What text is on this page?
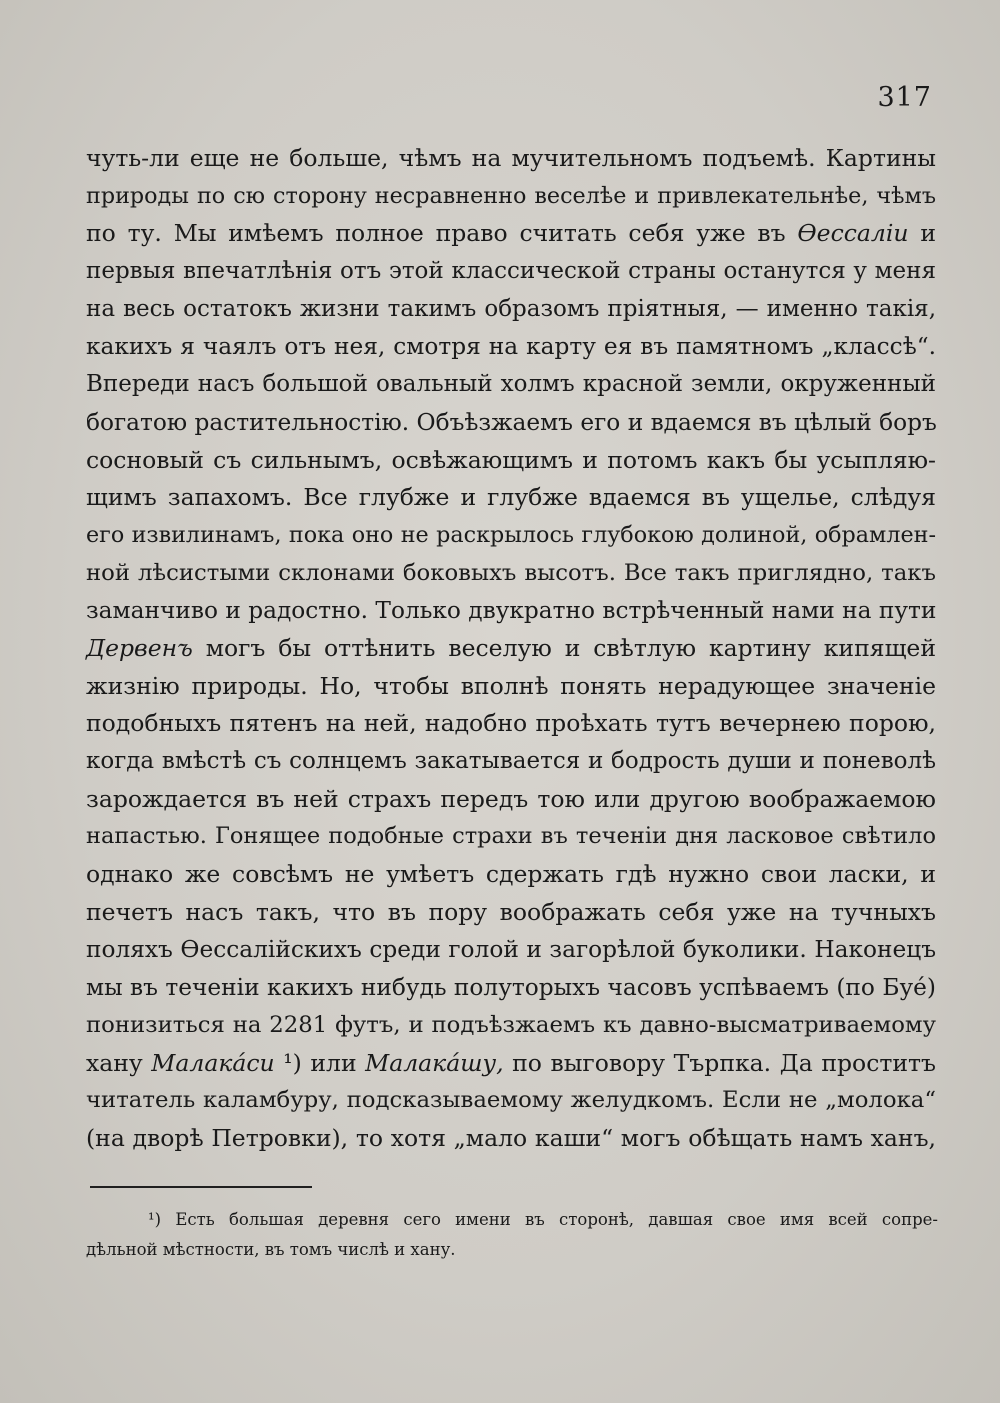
317
чуть-ли еще не больше, чѣмъ на мучительномъ подъемѣ. Картины
природы по сю сторону несравненно веселѣе и привлекательнѣе, чѣмъ
по ту. Мы имѣемъ полное право считать себя уже въ Ѳессаліи и
первыя впечатлѣнія отъ этой классической страны останутся у меня
на весь остатокъ жизни такимъ образомъ пріятныя, — именно такія,
какихъ я чаялъ отъ нея, смотря на карту ея въ памятномъ „классѣ“.
Впереди насъ большой овальный холмъ красной земли, окруженный
богатою растительностію. Объѣзжаемъ его и вдаемся въ цѣлый боръ
сосновый съ сильнымъ, освѣжающимъ и потомъ какъ бы усыпляю-
щимъ запахомъ. Все глубже и глубже вдаемся въ ущелье, слѣдуя
его извилинамъ, пока оно не раскрылось глубокою долиной, обрамлен-
ной лѣсистыми склонами боковыхъ высотъ. Все такъ приглядно, такъ
заманчиво и радостно. Только двукратно встрѣченный нами на пути
Дервенъ могъ бы оттѣнить веселую и свѣтлую картину кипящей
жизнію природы. Но, чтобы вполнѣ понять нерадующее значеніе
подобныхъ пятенъ на ней, надобно проѣхать тутъ вечернею порою,
когда вмѣстѣ съ солнцемъ закатывается и бодрость души и поневолѣ
зарождается въ ней страхъ передъ тою или другою воображаемою
напастью. Гонящее подобные страхи въ теченіи дня ласковое свѣтило
однако же совсѣмъ не умѣетъ сдержать гдѣ нужно свои ласки, и
печетъ насъ такъ, что въ пору воображать себя уже на тучныхъ
поляхъ Ѳессалійскихъ среди голой и загорѣлой буколики. Наконецъ
мы въ теченіи какихъ нибудь полуторыхъ часовъ успѣваемъ (по Буé)
понизиться на 2281 футъ, и подъѣзжаемъ къ давно-высматриваемому
хану Малакáси ¹) или Малакáшу, по выговору Търпка. Да проститъ
читатель каламбуру, подсказываемому желудкомъ. Если не „молока“
(на дворѣ Петровки), то хотя „мало каши“ могъ обѣщать намъ ханъ,
¹) Есть большая деревня сего имени въ сторонѣ, давшая свое имя всей сопре-
дѣльной мѣстности, въ томъ числѣ и хану.
